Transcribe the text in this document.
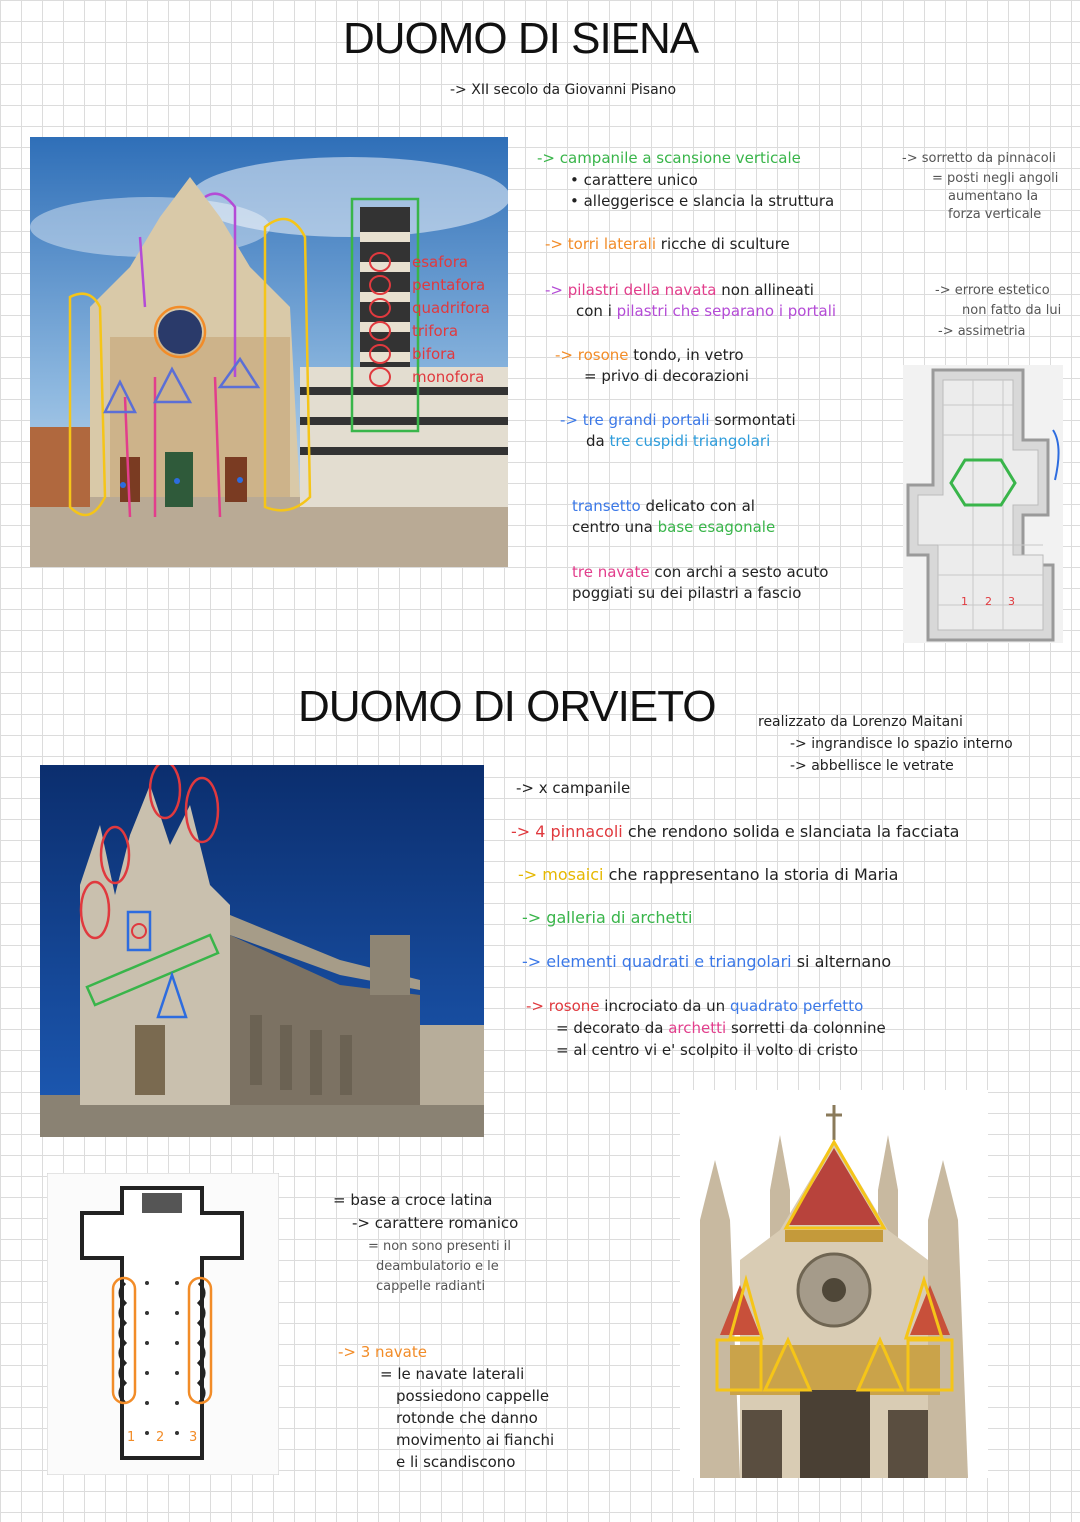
DUOMO DI SIENA
-> XII secolo da Giovanni Pisano
esafora
pentafora
quadrifora
trifora
bifora
monofora
-> campanile a scansione verticale
• carattere unico
• alleggerisce e slancia la struttura
-> sorretto da pinnacoli
= posti negli angoli
aumentano la
forza verticale
-> torri laterali ricche di sculture
-> pilastri della navata non allineati
con i pilastri che separano i portali
-> errore estetico
non fatto da lui
-> assimetria
-> rosone tondo, in vetro
= privo di decorazioni
-> tre grandi portali sormontati
da tre cuspidi triangolari
transetto delicato con al
centro una base esagonale
tre navate con archi a sesto acuto
poggiati su dei pilastri a fascio	1 2 3
DUOMO DI ORVIETO	realizzato da Lorenzo Maitani
-> ingrandisce lo spazio interno
-> abbellisce le vetrate
-> x campanile
-> 4 pinnacoli che rendono solida e slanciata la facciata
-> mosaici che rappresentano la storia di Maria
-> galleria di archetti
-> elementi quadrati e triangolari si alternano
-> rosone incrociato da un quadrato perfetto
= decorato da archetti sorretti da colonnine
= al centro vi e' scolpito il volto di cristo
1 2 3
= base a croce latina
-> carattere romanico
= non sono presenti il
deambulatorio e le
cappelle radianti
-> 3 navate
= le navate laterali
possiedono cappelle
rotonde che danno
movimento ai fianchi
e li scandiscono
